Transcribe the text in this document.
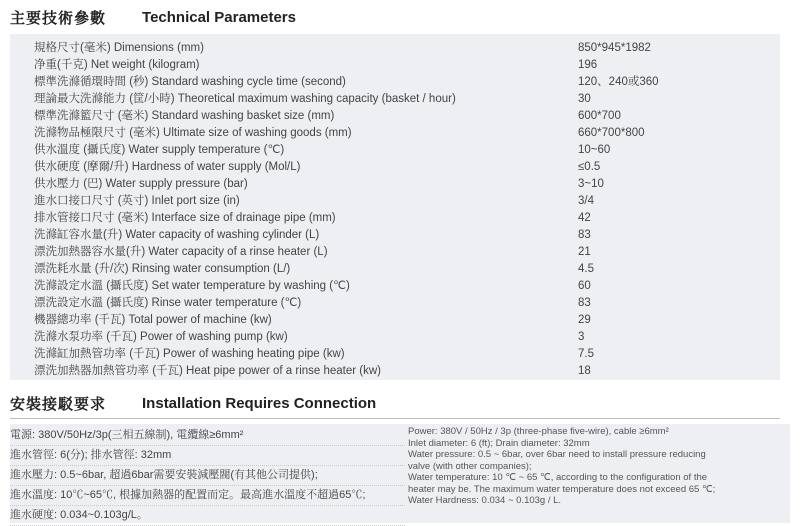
主要技術參數 Technical Parameters
規格尺寸(毫米) Dimensions (mm)	850*945*1982
净重(千克) Net weight (kilogram)	196
標準洗滌循環時間 (秒) Standard washing cycle time (second)	120、240或360
理論最大洗滌能力 (筐/小時) Theoretical maximum washing capacity (basket / hour)	30
標準洗滌籃尺寸 (毫米) Standard washing basket size (mm)	600*700
洗滌物品極限尺寸 (毫米) Ultimate size of washing goods (mm)	660*700*800
供水溫度 (攝氏度) Water supply temperature (℃)	10~60
供水硬度 (摩爾/升) Hardness of water supply (Mol/L)	≤0.5
供水壓力 (巴) Water supply pressure (bar)	3~10
進水口接口尺寸 (英寸) Inlet port size (in)	3/4
排水管接口尺寸 (毫米) Interface size of drainage pipe (mm)	42
洗滌缸容水量(升) Water capacity of washing cylinder (L)	83
漂洗加熱器容水量(升) Water capacity of a rinse heater (L)	21
漂洗耗水量 (升/次) Rinsing water consumption (L/)	4.5
洗滌設定水溫 (攝氏度) Set water temperature by washing (℃)	60
漂洗設定水溫 (攝氏度) Rinse water temperature (℃)	83
機器總功率 (千瓦) Total power of machine (kw)	29
洗滌水泵功率 (千瓦) Power of washing pump (kw)	3
洗滌缸加熱管功率 (千瓦) Power of washing heating pipe (kw)	7.5
漂洗加熱器加熱管功率 (千瓦) Heat pipe power of a rinse heater (kw)	18
安裝接駁要求 Installation Requires Connection
電源: 380V/50Hz/3p(三相五線制), 電纜線≥6mm²
進水管徑: 6(分); 排水管徑: 32mm
進水壓力: 0.5~6bar, 超過6bar需要安裝減壓閥(有其他公司提供);
進水溫度: 10℃~65℃, 根據加熱器的配置而定。最高進水溫度不超過65℃;
進水硬度: 0.034~0.103g/L。
Power: 380V / 50Hz / 3p (three-phase five-wire), cable ≥6mm²
Inlet diameter: 6 (ft); Drain diameter: 32mm
Water pressure: 0.5 ~ 6bar, over 6bar need to install pressure reducing
valve (with other companies);
Water temperature: 10 ℃ ~ 65 ℃, according to the configuration of the
heater may be. The maximum water temperature does not exceed 65 ℃;
Water Hardness: 0.034 ~ 0.103g / L.
